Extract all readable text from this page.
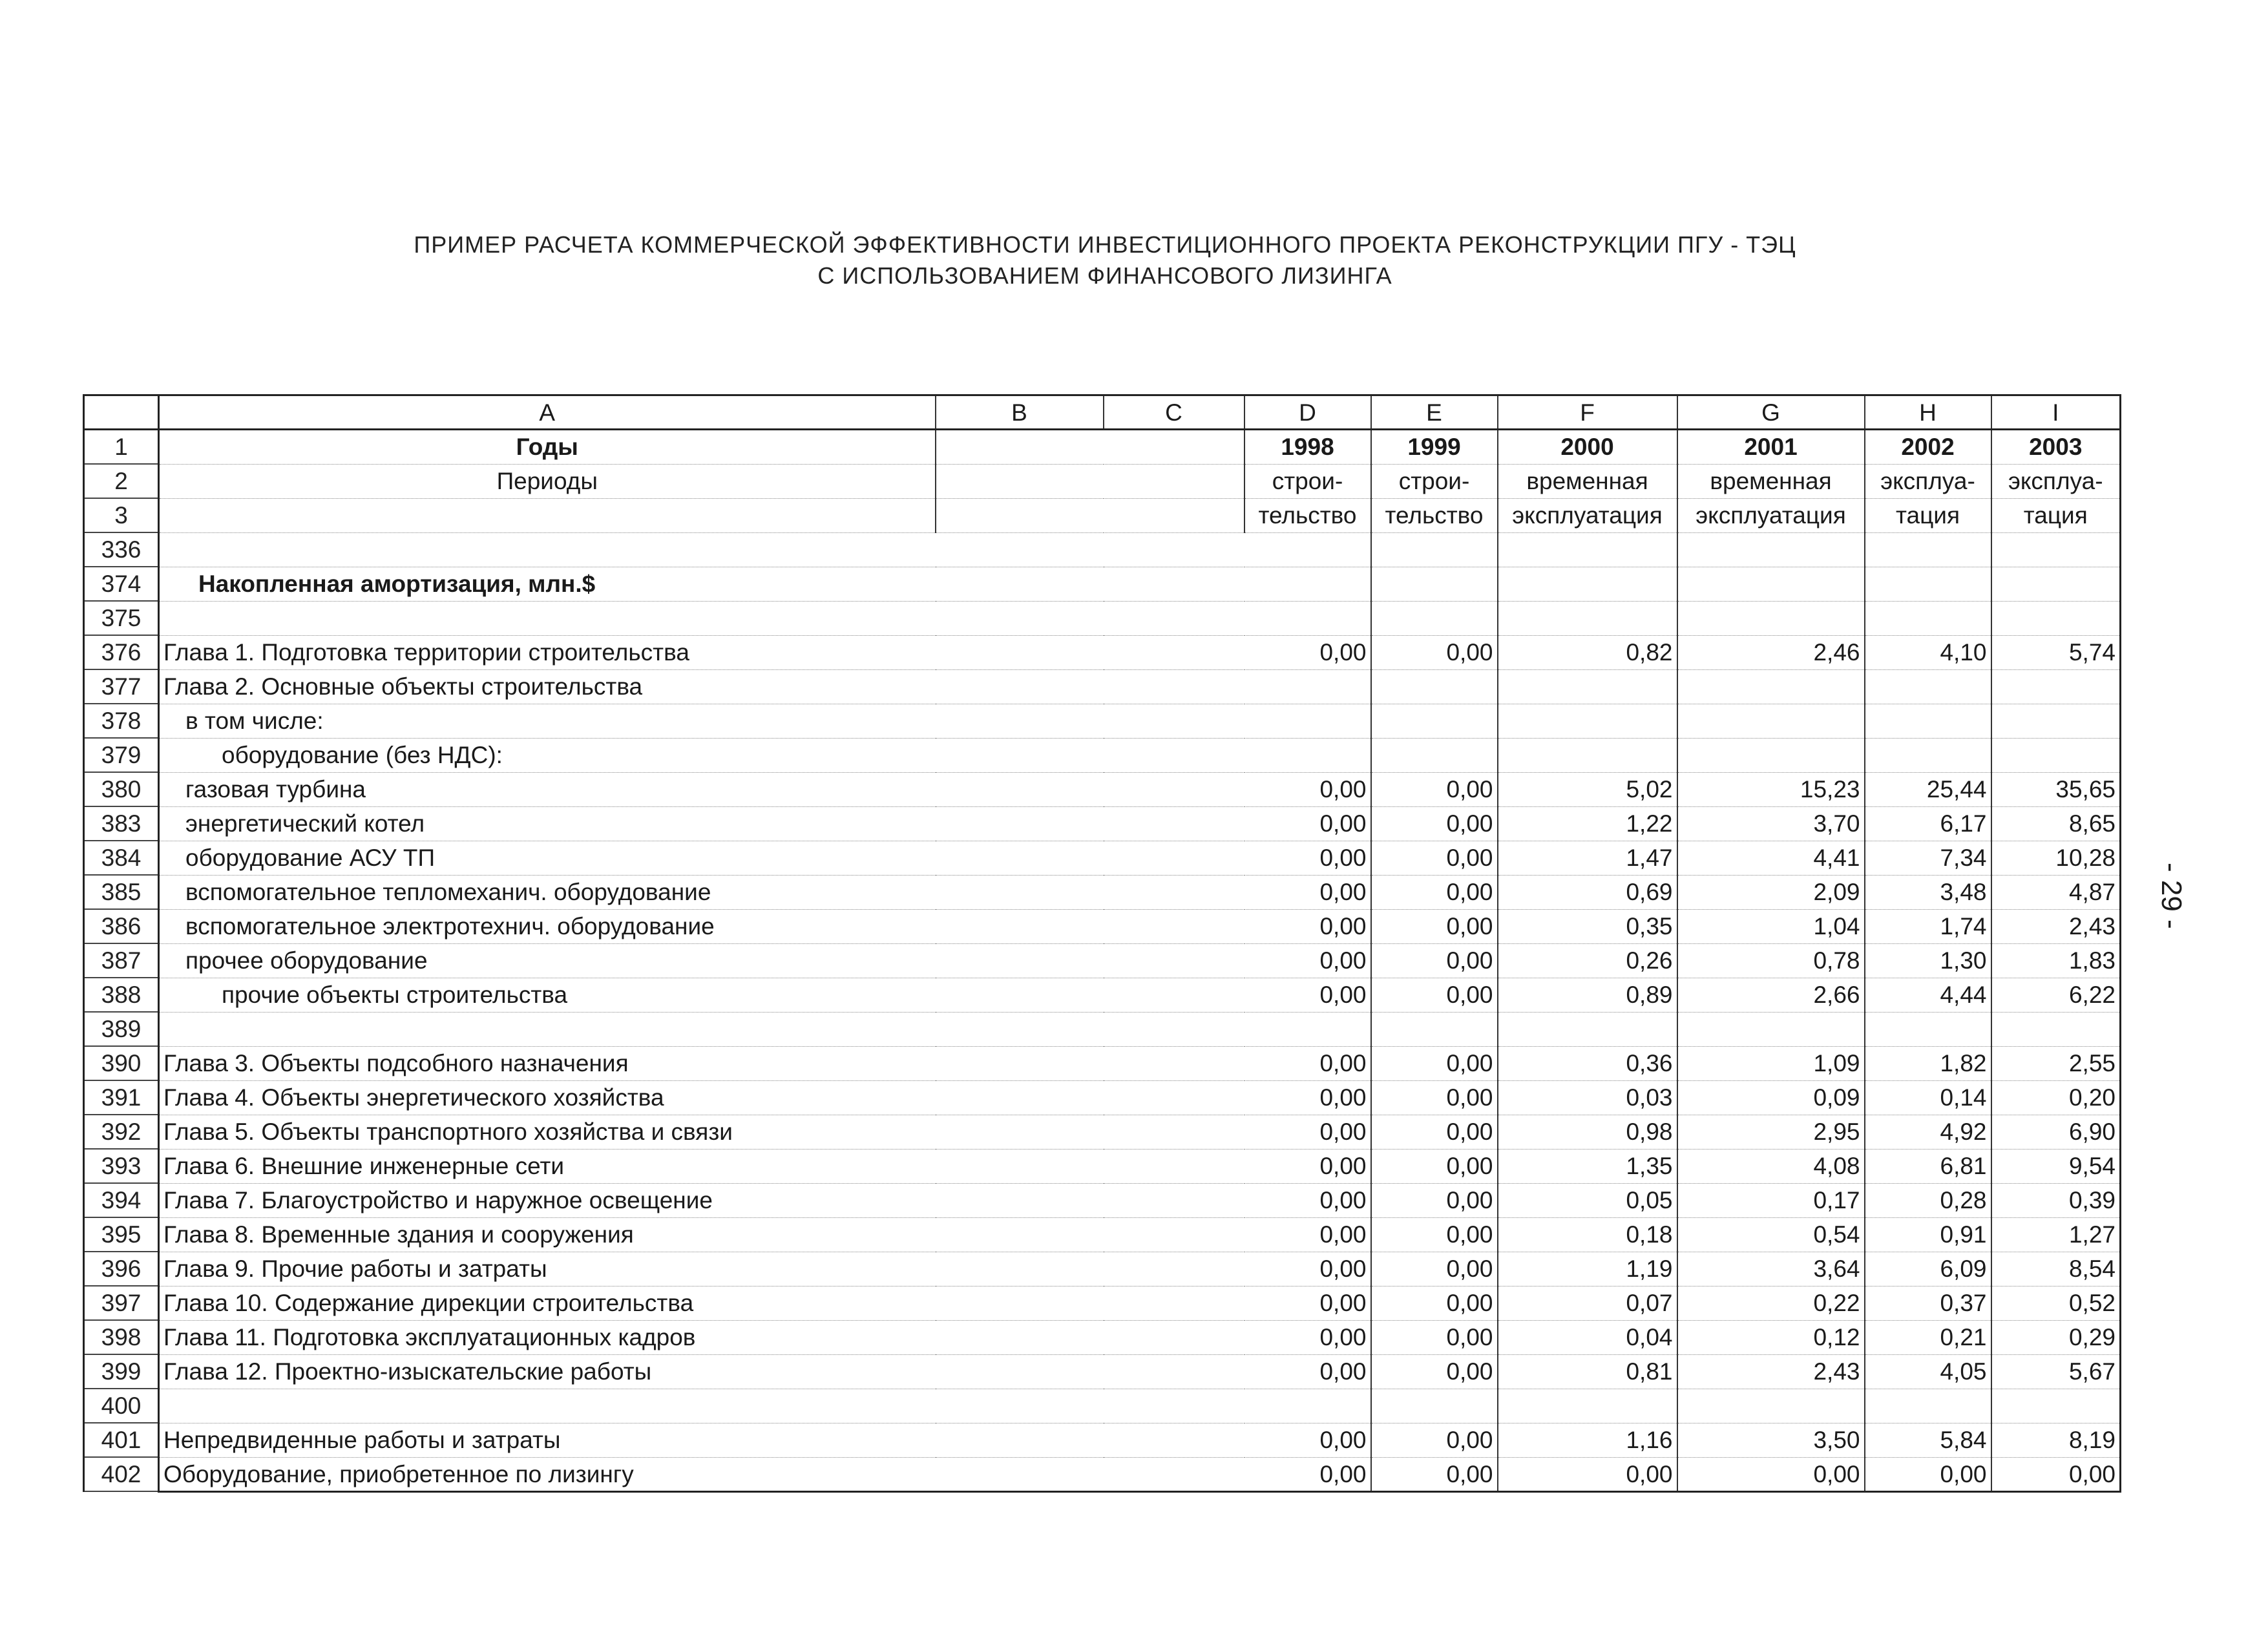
ПРИМЕР РАСЧЕТА КОММЕРЧЕСКОЙ ЭФФЕКТИВНОСТИ ИНВЕСТИЦИОННОГО ПРОЕКТА РЕКОНСТРУКЦИИ ПГУ - ТЭЦ
С ИСПОЛЬЗОВАНИЕМ ФИНАНСОВОГО ЛИЗИНГА
- 29 -
	A	B	C	D	E	F	G	H	I
1	Годы			1998	1999	2000	2001	2002	2003
2	Периоды			строи-	строи-	временная	временная	эксплуа-	эксплуа-
3				тельство	тельство	эксплуатация	эксплуатация	тация	тация
336									
374	Накопленная амортизация, млн.$								
375									
376	Глава 1. Подготовка территории строительства			0,00	0,00	0,82	2,46	4,10	5,74
377	Глава 2. Основные объекты строительства								
378	в том числе:								
379	оборудование (без НДС):								
380	газовая турбина			0,00	0,00	5,02	15,23	25,44	35,65
383	энергетический котел			0,00	0,00	1,22	3,70	6,17	8,65
384	оборудование АСУ ТП			0,00	0,00	1,47	4,41	7,34	10,28
385	вспомогательное тепломеханич. оборудование			0,00	0,00	0,69	2,09	3,48	4,87
386	вспомогательное электротехнич. оборудование			0,00	0,00	0,35	1,04	1,74	2,43
387	прочее оборудование			0,00	0,00	0,26	0,78	1,30	1,83
388	прочие объекты строительства			0,00	0,00	0,89	2,66	4,44	6,22
389									
390	Глава 3. Объекты подсобного назначения			0,00	0,00	0,36	1,09	1,82	2,55
391	Глава 4. Объекты энергетического хозяйства			0,00	0,00	0,03	0,09	0,14	0,20
392	Глава 5. Объекты транспортного хозяйства и связи			0,00	0,00	0,98	2,95	4,92	6,90
393	Глава 6. Внешние инженерные сети			0,00	0,00	1,35	4,08	6,81	9,54
394	Глава 7. Благоустройство и наружное освещение			0,00	0,00	0,05	0,17	0,28	0,39
395	Глава 8. Временные здания и сооружения			0,00	0,00	0,18	0,54	0,91	1,27
396	Глава 9. Прочие работы и затраты			0,00	0,00	1,19	3,64	6,09	8,54
397	Глава 10. Содержание дирекции строительства			0,00	0,00	0,07	0,22	0,37	0,52
398	Глава 11. Подготовка эксплуатационных кадров			0,00	0,00	0,04	0,12	0,21	0,29
399	Глава 12. Проектно-изыскательские работы			0,00	0,00	0,81	2,43	4,05	5,67
400									
401	Непредвиденные работы и затраты			0,00	0,00	1,16	3,50	5,84	8,19
402	Оборудование, приобретенное по лизингу			0,00	0,00	0,00	0,00	0,00	0,00
